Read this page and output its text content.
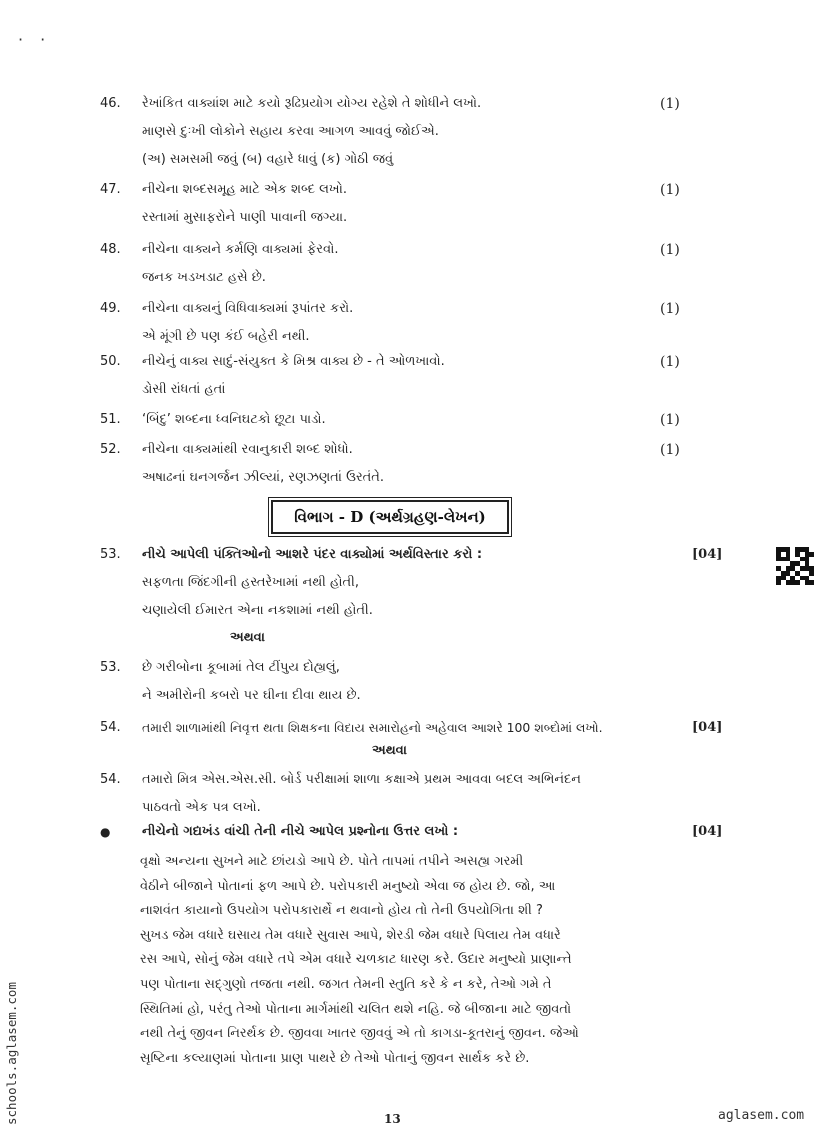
· ·
46.	રેખાંકિત વાક્યાંશ માટે કયો રૂઢિપ્રયોગ યોગ્ય રહેશે તે શોધીને લખો.
માણસે દુઃખી લોકોને સહાય કરવા આગળ આવવું જોઈએ.
(અ) સમસમી જવું (બ) વહારે ધાવું (ક) ગોઠી જવું
(1)
47.	નીચેના શબ્દસમૂહ માટે એક શબ્દ લખો.
રસ્તામાં મુસાફરોને પાણી પાવાની જગ્યા.
(1)
48.	નીચેના વાક્યને કર્મણિ વાક્યમાં ફેરવો.
જનક ખડખડાટ હસે છે.
(1)
49.	નીચેના વાક્યનું વિધિવાક્યમાં રૂપાંતર કરો.
એ મૂંગી છે પણ કંઈ બહેરી નથી.
(1)
50.	નીચેનું વાક્ય સાદું-સંયુક્ત કે મિશ્ર વાક્ય છે - તે ઓળખાવો.
ડોસી રાંધતાં હતાં
(1)
51.	‘બિંદુ’ શબ્દના ધ્વનિઘટકો છૂટા પાડો.	(1)
52.	નીચેના વાક્યમાંથી રવાનુકારી શબ્દ શોધો.
અષાઢનાં ઘનગર્જન ઝીલ્યાં, રણઝણતાં ઉરતંતે.
(1)
વિભાગ - D (અર્થગ્રહણ-લેખન)
53.	નીચે આપેલી પંક્તિઓનો આશરે પંદર વાક્યોમાં અર્થવિસ્તાર કરો :
સફળતા જિંદગીની હસ્તરેખામાં નથી હોતી,
ચણાયેલી ઈમારત એના નકશામાં નથી હોતી.
[04]
અથવા
53.	છે ગરીબોના કૂબામાં તેલ ટીંપુય દોહ્યલું,
ને અમીરોની કબરો પર ઘીના દીવા થાય છે.
54.	તમારી શાળામાંથી નિવૃત્ત થતા શિક્ષકના વિદાય સમારોહનો અહેવાલ આશરે 100 શબ્દોમાં લખો.	[04]
અથવા
54.	તમારો મિત્ર એસ.એસ.સી. બોર્ડ પરીક્ષામાં શાળા કક્ષાએ પ્રથમ આવવા બદલ અભિનંદન
પાઠવતો એક પત્ર લખો.
● નીચેનો ગદ્યખંડ વાંચી તેની નીચે આપેલ પ્રશ્નોના ઉત્તર લખો :	[04]

વૃક્ષો અન્યના સુખને માટે છાંયડો આપે છે. પોતે તાપમાં તપીને અસહ્ય ગરમી

વેઠીને બીજાને પોતાનાં ફળ આપે છે. પરોપકારી મનુષ્યો એવા જ હોય છે. જો, આ

નાશવંત કાયાનો ઉપયોગ પરોપકારાર્થે ન થવાનો હોય તો તેની ઉપયોગિતા શી ?

સુખડ જેમ વધારે ઘસાય તેમ વધારે સુવાસ આપે, શેરડી જેમ વધારે પિલાય તેમ વધારે

રસ આપે, સોનું જેમ વધારે તપે એમ વધારે ચળકાટ ધારણ કરે. ઉદાર મનુષ્યો પ્રાણાન્તે

પણ પોતાના સદ્‌ગુણો તજતા નથી. જગત તેમની સ્તુતિ કરે કે ન કરે, તેઓ ગમે તે

સ્થિતિમાં હો, પરંતુ તેઓ પોતાના માર્ગમાંથી ચલિત થશે નહિ. જે બીજાના માટે જીવતો

નથી તેનું જીવન નિરર્થક છે. જીવવા ખાતર જીવવું એ તો કાગડા-કૂતરાનું જીવન. જેઓ

સૃષ્ટિના કલ્યાણમાં પોતાના પ્રાણ પાથરે છે તેઓ પોતાનું જીવન સાર્થક કરે છે.

schools.aglasem.com	13	aglasem.com
